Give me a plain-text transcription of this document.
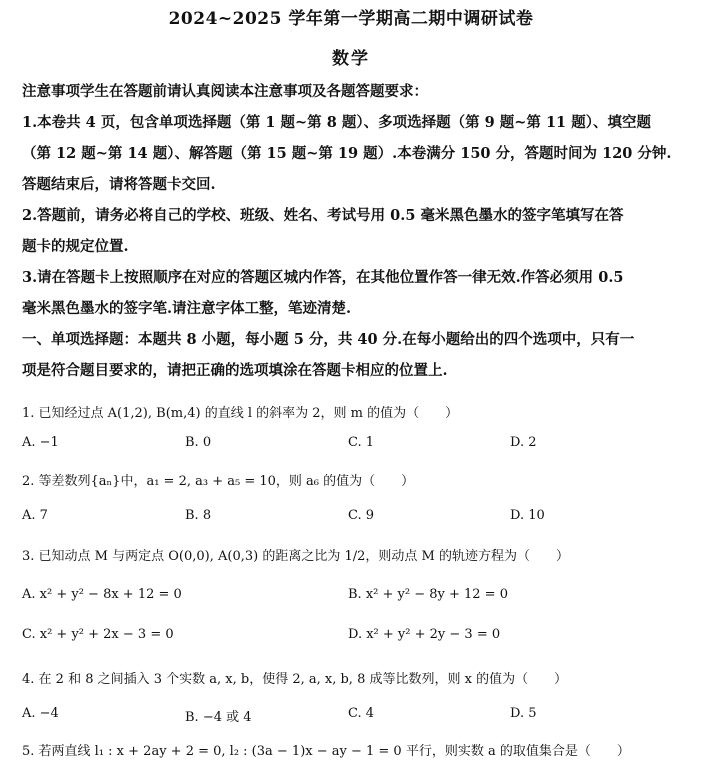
2024~2025 学年第一学期高二期中调研试卷
数学
注意事项学生在答题前请认真阅读本注意事项及各题答题要求：
1.本卷共 4 页，包含单项选择题（第 1 题~第 8 题）、多项选择题（第 9 题~第 11 题）、填空题
（第 12 题~第 14 题）、解答题（第 15 题~第 19 题）.本卷满分 150 分，答题时间为 120 分钟.
答题结束后，请将答题卡交回.
2.答题前，请务必将自己的学校、班级、姓名、考试号用 0.5 毫米黑色墨水的签字笔填写在答
题卡的规定位置.
3.请在答题卡上按照顺序在对应的答题区城内作答，在其他位置作答一律无效.作答必须用 0.5
毫米黑色墨水的签字笔.请注意字体工整，笔迹清楚.
一、单项选择题：本题共 8 小题，每小题 5 分，共 40 分.在每小题给出的四个选项中，只有一
项是符合题目要求的，请把正确的选项填涂在答题卡相应的位置上.
1. 已知经过点 A(1,2), B(m,4) 的直线 l 的斜率为 2，则 m 的值为（　　）
A. −1	B. 0	C. 1	D. 2
2. 等差数列{aₙ}中，a₁ = 2, a₃ + a₅ = 10，则 a₆ 的值为（　　）
A. 7	B. 8	C. 9	D. 10
3. 已知动点 M 与两定点 O(0,0), A(0,3) 的距离之比为 1/2，则动点 M 的轨迹方程为（　　）
A. x² + y² − 8x + 12 = 0	B. x² + y² − 8y + 12 = 0
C. x² + y² + 2x − 3 = 0	D. x² + y² + 2y − 3 = 0
4. 在 2 和 8 之间插入 3 个实数 a, x, b，使得 2, a, x, b, 8 成等比数列，则 x 的值为（　　）
A. −4	B. −4 或 4	C. 4	D. 5
5. 若两直线 l₁ : x + 2ay + 2 = 0, l₂ : (3a − 1)x − ay − 1 = 0 平行，则实数 a 的取值集合是（　　）
